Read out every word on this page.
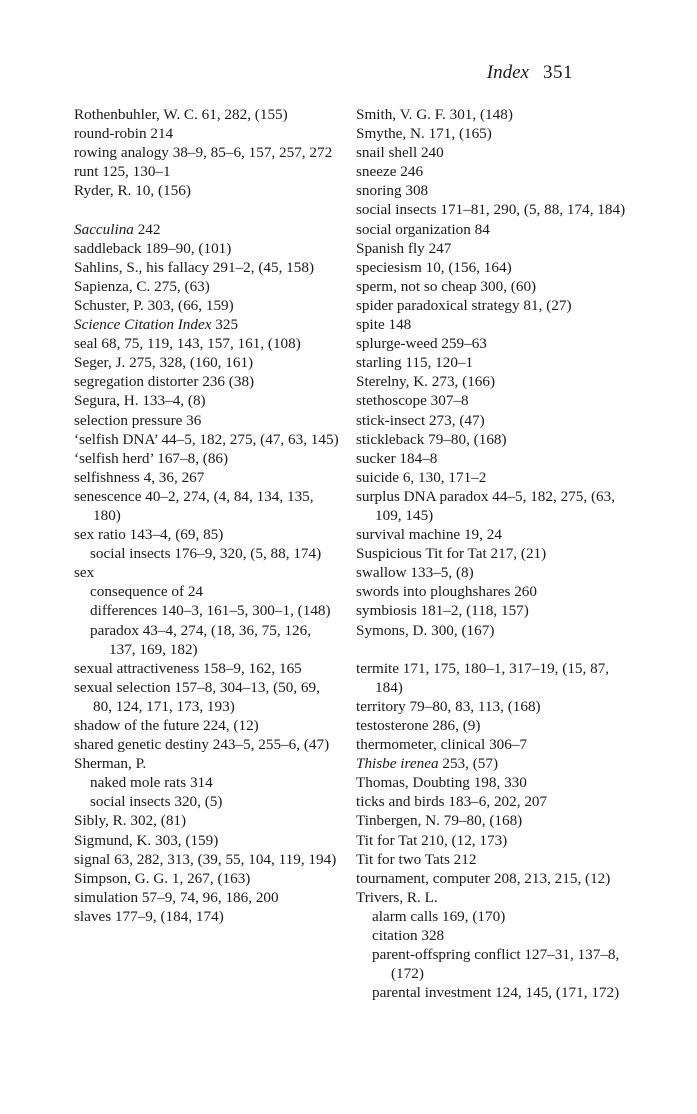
Index 351
Rothenbuhler, W. C. 61, 282, (155)
round-robin 214
rowing analogy 38–9, 85–6, 157, 257, 272
runt 125, 130–1
Ryder, R. 10, (156)
Sacculina 242
saddleback 189–90, (101)
Sahlins, S., his fallacy 291–2, (45, 158)
Sapienza, C. 275, (63)
Schuster, P. 303, (66, 159)
Science Citation Index 325
seal 68, 75, 119, 143, 157, 161, (108)
Seger, J. 275, 328, (160, 161)
segregation distorter 236 (38)
Segura, H. 133–4, (8)
selection pressure 36
‘selfish DNA’ 44–5, 182, 275, (47, 63, 145)
‘selfish herd’ 167–8, (86)
selfishness 4, 36, 267
senescence 40–2, 274, (4, 84, 134, 135, 180)
sex ratio 143–4, (69, 85)
social insects 176–9, 320, (5, 88, 174)
sex
consequence of 24
differences 140–3, 161–5, 300–1, (148)
paradox 43–4, 274, (18, 36, 75, 126, 137, 169, 182)
sexual attractiveness 158–9, 162, 165
sexual selection 157–8, 304–13, (50, 69, 80, 124, 171, 173, 193)
shadow of the future 224, (12)
shared genetic destiny 243–5, 255–6, (47)
Sherman, P.
naked mole rats 314
social insects 320, (5)
Sibly, R. 302, (81)
Sigmund, K. 303, (159)
signal 63, 282, 313, (39, 55, 104, 119, 194)
Simpson, G. G. 1, 267, (163)
simulation 57–9, 74, 96, 186, 200
slaves 177–9, (184, 174)
Smith, V. G. F. 301, (148)
Smythe, N. 171, (165)
snail shell 240
sneeze 246
snoring 308
social insects 171–81, 290, (5, 88, 174, 184)
social organization 84
Spanish fly 247
speciesism 10, (156, 164)
sperm, not so cheap 300, (60)
spider paradoxical strategy 81, (27)
spite 148
splurge-weed 259–63
starling 115, 120–1
Sterelny, K. 273, (166)
stethoscope 307–8
stick-insect 273, (47)
stickleback 79–80, (168)
sucker 184–8
suicide 6, 130, 171–2
surplus DNA paradox 44–5, 182, 275, (63, 109, 145)
survival machine 19, 24
Suspicious Tit for Tat 217, (21)
swallow 133–5, (8)
swords into ploughshares 260
symbiosis 181–2, (118, 157)
Symons, D. 300, (167)
termite 171, 175, 180–1, 317–19, (15, 87, 184)
territory 79–80, 83, 113, (168)
testosterone 286, (9)
thermometer, clinical 306–7
Thisbe irenea 253, (57)
Thomas, Doubting 198, 330
ticks and birds 183–6, 202, 207
Tinbergen, N. 79–80, (168)
Tit for Tat 210, (12, 173)
Tit for two Tats 212
tournament, computer 208, 213, 215, (12)
Trivers, R. L.
alarm calls 169, (170)
citation 328
parent-offspring conflict 127–31, 137–8, (172)
parental investment 124, 145, (171, 172)
